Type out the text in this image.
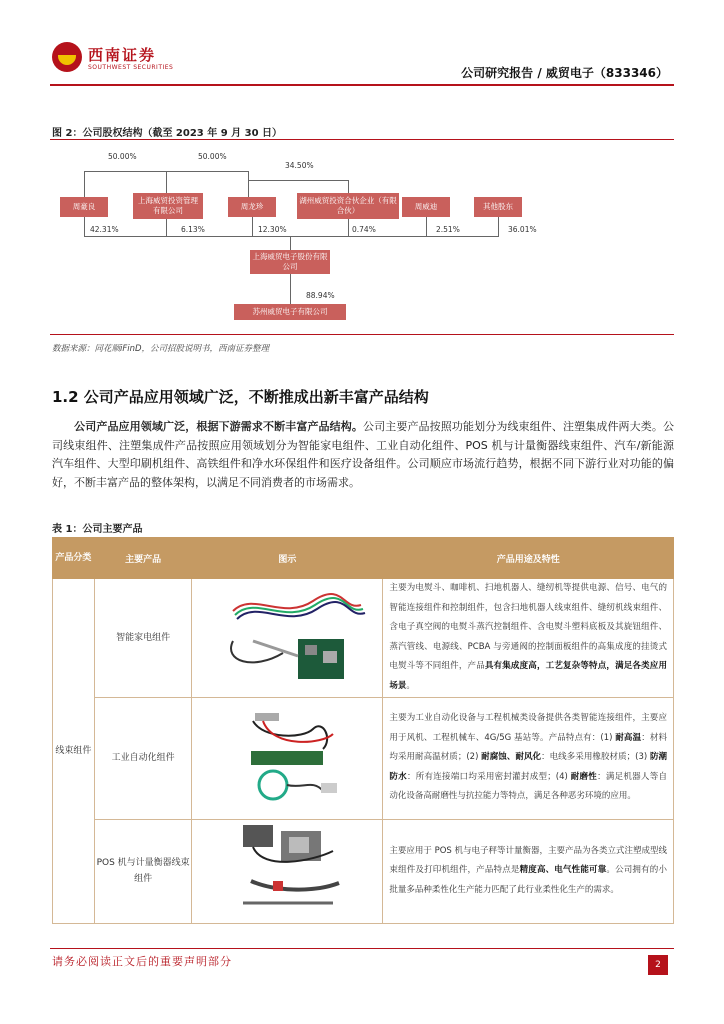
西南证券
SOUTHWEST SECURITIES	公司研究报告 / 威贸电子（833346）
图 2：公司股权结构（截至 2023 年 9 月 30 日）
50.00%	50.00%
34.50%
周豪良
上海威贸投资管理有限公司	周龙珍
湖州威贸投资合伙企业（有限合伙）	周威迪	其他股东
42.31%	6.13%	12.30%	0.74%	2.51%	36.01%
上海威贸电子股份有限公司
88.94%
苏州威贸电子有限公司
数据来源：同花顺iFinD，公司招股说明书，西南证券整理
1.2 公司产品应用领域广泛，不断推成出新丰富产品结构
  公司产品应用领域广泛，根据下游需求不断丰富产品结构。公司主要产品按照功能划分为线束组件、注塑集成件两大类。公司线束组件、注塑集成件产品按照应用领域划分为智能家电组件、工业自动化组件、POS 机与计量衡器线束组件、汽车/新能源汽车组件、大型印刷机组件、高铁组件和净水环保组件和医疗设备组件。公司顺应市场流行趋势，根据不同下游行业对功能的偏好，不断丰富产品的整体架构，以满足不同消费者的市场需求。
表 1：公司主要产品
产品分类	主要产品	图示	产品用途及特性
线束组件	智能家电组件		主要为电熨斗、咖啡机、扫地机器人、缝纫机等提供电源、信号、电气的智能连接组件和控制组件，包含扫地机器人线束组件、缝纫机线束组件、含电子真空阀的电熨斗蒸汽控制组件、含电熨斗塑料底板及其旋钮组件、蒸汽管线、电源线、PCBA 与旁通阀的控制面板组件的高集成度的挂烫式电熨斗等不同组件，产品具有集成度高，工艺复杂等特点，满足各类应用场景。
	工业自动化组件		主要为工业自动化设备与工程机械类设备提供各类智能连接组件，主要应用于风机、工程机械车、4G/5G 基站等。产品特点有：(1) 耐高温：材料均采用耐高温材质；(2) 耐腐蚀、耐风化：电线多采用橡胶材质；(3) 防潮防水：所有连接端口均采用密封灌封成型；(4) 耐磨性：满足机器人等自动化设备高耐磨性与抗拉能力等特点，满足各种恶劣环境的应用。
	POS 机与计量衡器线束组件		主要应用于 POS 机与电子秤等计量衡器，主要产品为各类立式注塑成型线束组件及打印机组件，产品特点是精度高、电气性能可靠。公司拥有的小批量多品种柔性化生产能力匹配了此行业柔性化生产的需求。
请务必阅读正文后的重要声明部分	2
